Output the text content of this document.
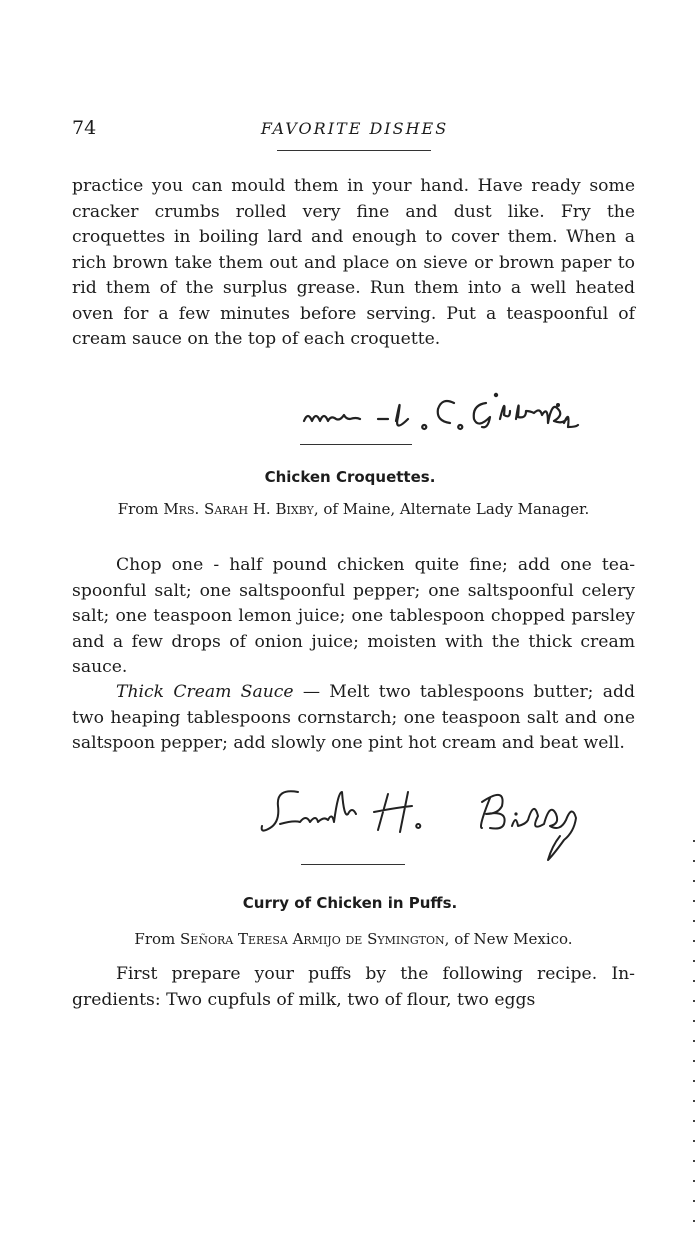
74	FAVORITE DISHES

practice you can mould them in your hand. Have ready some cracker crumbs rolled very fine and dust like. Fry the croquettes in boiling lard and enough to cover them. When a rich brown take them out and place on sieve or brown paper to rid them of the surplus grease. Run them into a well heated oven for a few minutes before serving. Put a teaspoonful of cream sauce on the top of each croquette.

Chicken Croquettes.

From Mrs. Sarah H. Bixby, of Maine, Alternate Lady Manager.

Chop one - half pound chicken quite fine; add one tea-spoonful salt; one saltspoonful pepper; one saltspoonful celery salt; one teaspoon lemon juice; one tablespoon chopped parsley and a few drops of onion juice; moisten with the thick cream sauce.

Thick Cream Sauce — Melt two tablespoons butter; add two heaping tablespoons cornstarch; one teaspoon salt and one saltspoon pepper; add slowly one pint hot cream and beat well.

Curry of Chicken in Puffs.

From Señora Teresa Armijo de Symington, of New Mexico.

First prepare your puffs by the following recipe. In-gredients: Two cupfuls of milk, two of flour, two eggs
